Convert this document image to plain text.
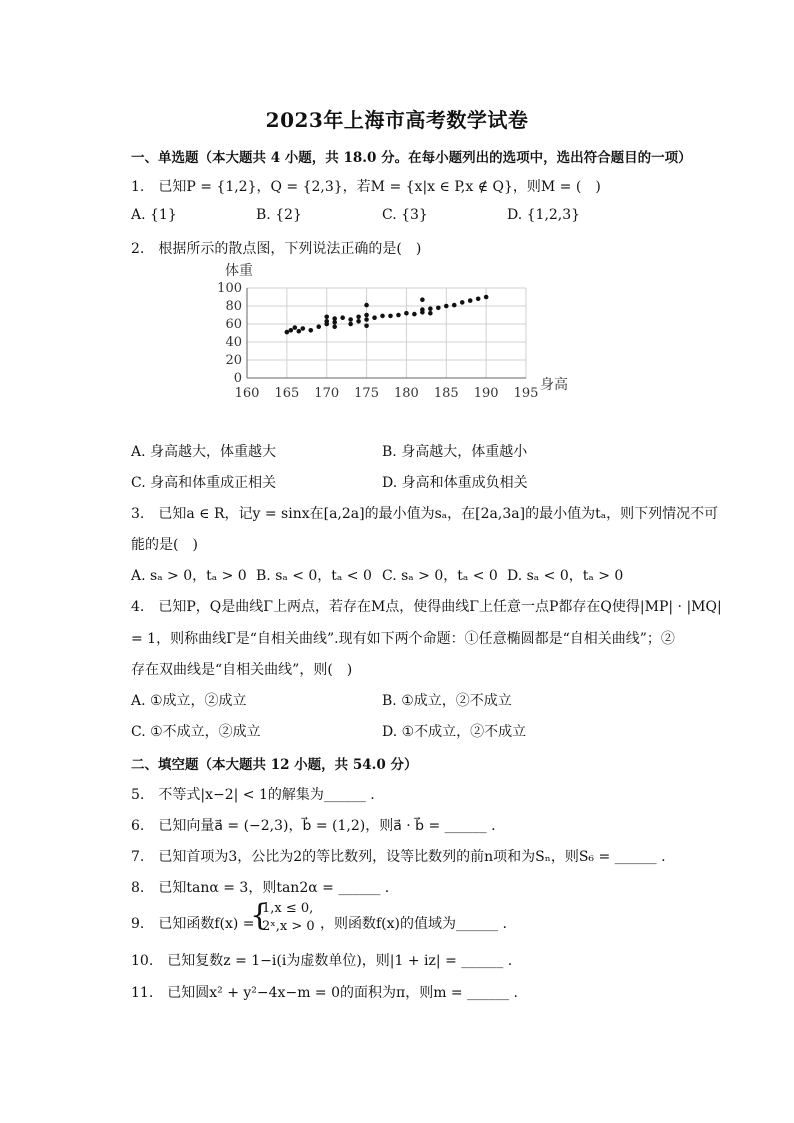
2023年上海市高考数学试卷
一、单选题（本大题共 4 小题，共 18.0 分。在每小题列出的选项中，选出符合题目的一项）
1.　已知P = {1,2}，Q = {2,3}，若M = {x|x ∈ P,x ∉ Q}，则M = (　)
A. {1}	B. {2}	C. {3}	D. {1,2,3}
2.　根据所示的散点图，下列说法正确的是(　)
160 165 170 175 180 185 190 195
0
20
40
60
80
100
体重
身高
A. 身高越大，体重越大	B. 身高越大，体重越小
C. 身高和体重成正相关	D. 身高和体重成负相关
3.　已知a ∈ R，记y = sinx在[a,2a]的最小值为sₐ，在[2a,3a]的最小值为tₐ，则下列情况不可
能的是(　)
A. sₐ > 0，tₐ > 0 B. sₐ < 0，tₐ < 0 C. sₐ > 0，tₐ < 0 D. sₐ < 0，tₐ > 0
4.　已知P，Q是曲线Γ上两点，若存在M点，使得曲线Γ上任意一点P都存在Q使得|MP| · |MQ|
= 1，则称曲线Γ是“自相关曲线”.现有如下两个命题：①任意椭圆都是“自相关曲线”；②
存在双曲线是“自相关曲线”，则(　)
A. ①成立，②成立	B. ①成立，②不成立
C. ①不成立，②成立	D. ①不成立，②不成立
二、填空题（本大题共 12 小题，共 54.0 分）
5.　不等式|x−2| < 1的解集为______ .
6.　已知向量a⃗ = (−2,3)，b⃗ = (1,2)，则a⃗ · b⃗ = ______ .
7.　已知首项为3，公比为2的等比数列，设等比数列的前n项和为Sₙ，则S₆ = ______ .
8.　已知tanα = 3，则tan2α = ______ .
9.　已知函数f(x) =
{
1,x ≤ 0,
2ˣ,x > 0 ，则函数f(x)的值域为______ .
10.　已知复数z = 1−i(i为虚数单位)，则|1 + iz| = ______ .
11.　已知圆x² + y²−4x−m = 0的面积为π，则m = ______ .
